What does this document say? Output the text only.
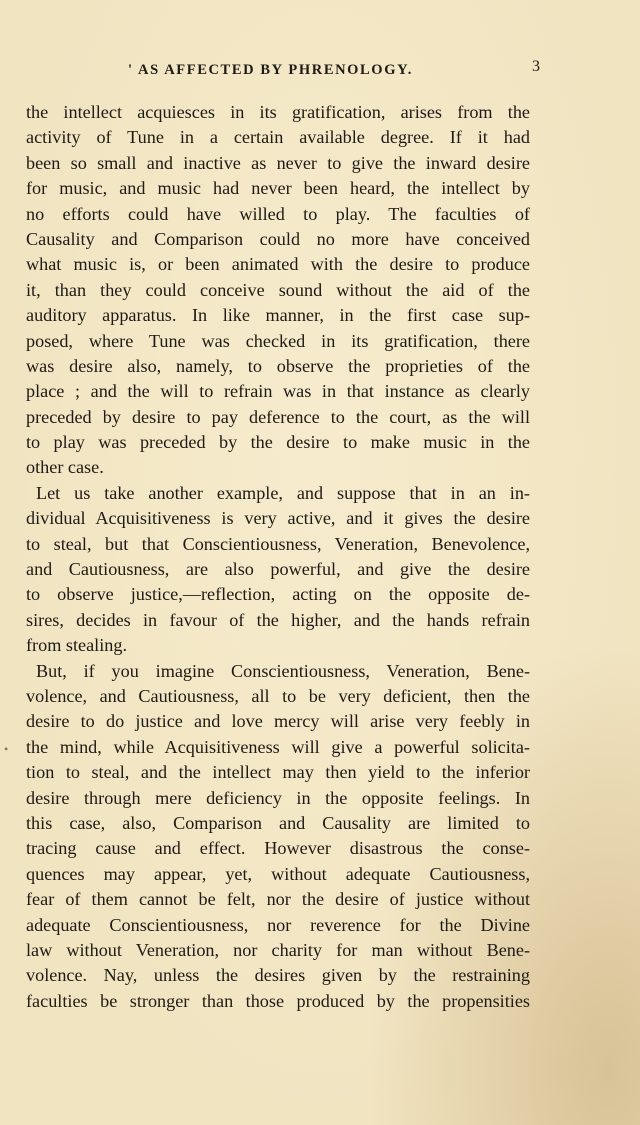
' AS AFFECTED BY PHRENOLOGY.	3
•
the intellect acquiesces in its gratification, arises from the
activity of Tune in a certain available degree. If it had
been so small and inactive as never to give the inward desire
for music, and music had never been heard, the intellect by
no efforts could have willed to play. The faculties of
Causality and Comparison could no more have conceived
what music is, or been animated with the desire to produce
it, than they could conceive sound without the aid of the
auditory apparatus. In like manner, in the first case sup-
posed, where Tune was checked in its gratification, there
was desire also, namely, to observe the proprieties of the
place ; and the will to refrain was in that instance as clearly
preceded by desire to pay deference to the court, as the will
to play was preceded by the desire to make music in the
other case.
Let us take another example, and suppose that in an in-
dividual Acquisitiveness is very active, and it gives the desire
to steal, but that Conscientiousness, Veneration, Benevolence,
and Cautiousness, are also powerful, and give the desire
to observe justice,—reflection, acting on the opposite de-
sires, decides in favour of the higher, and the hands refrain
from stealing.
But, if you imagine Conscientiousness, Veneration, Bene-
volence, and Cautiousness, all to be very deficient, then the
desire to do justice and love mercy will arise very feebly in
the mind, while Acquisitiveness will give a powerful solicita-
tion to steal, and the intellect may then yield to the inferior
desire through mere deficiency in the opposite feelings. In
this case, also, Comparison and Causality are limited to
tracing cause and effect. However disastrous the conse-
quences may appear, yet, without adequate Cautiousness,
fear of them cannot be felt, nor the desire of justice without
adequate Conscientiousness, nor reverence for the Divine
law without Veneration, nor charity for man without Bene-
volence. Nay, unless the desires given by the restraining
faculties be stronger than those produced by the propensities
